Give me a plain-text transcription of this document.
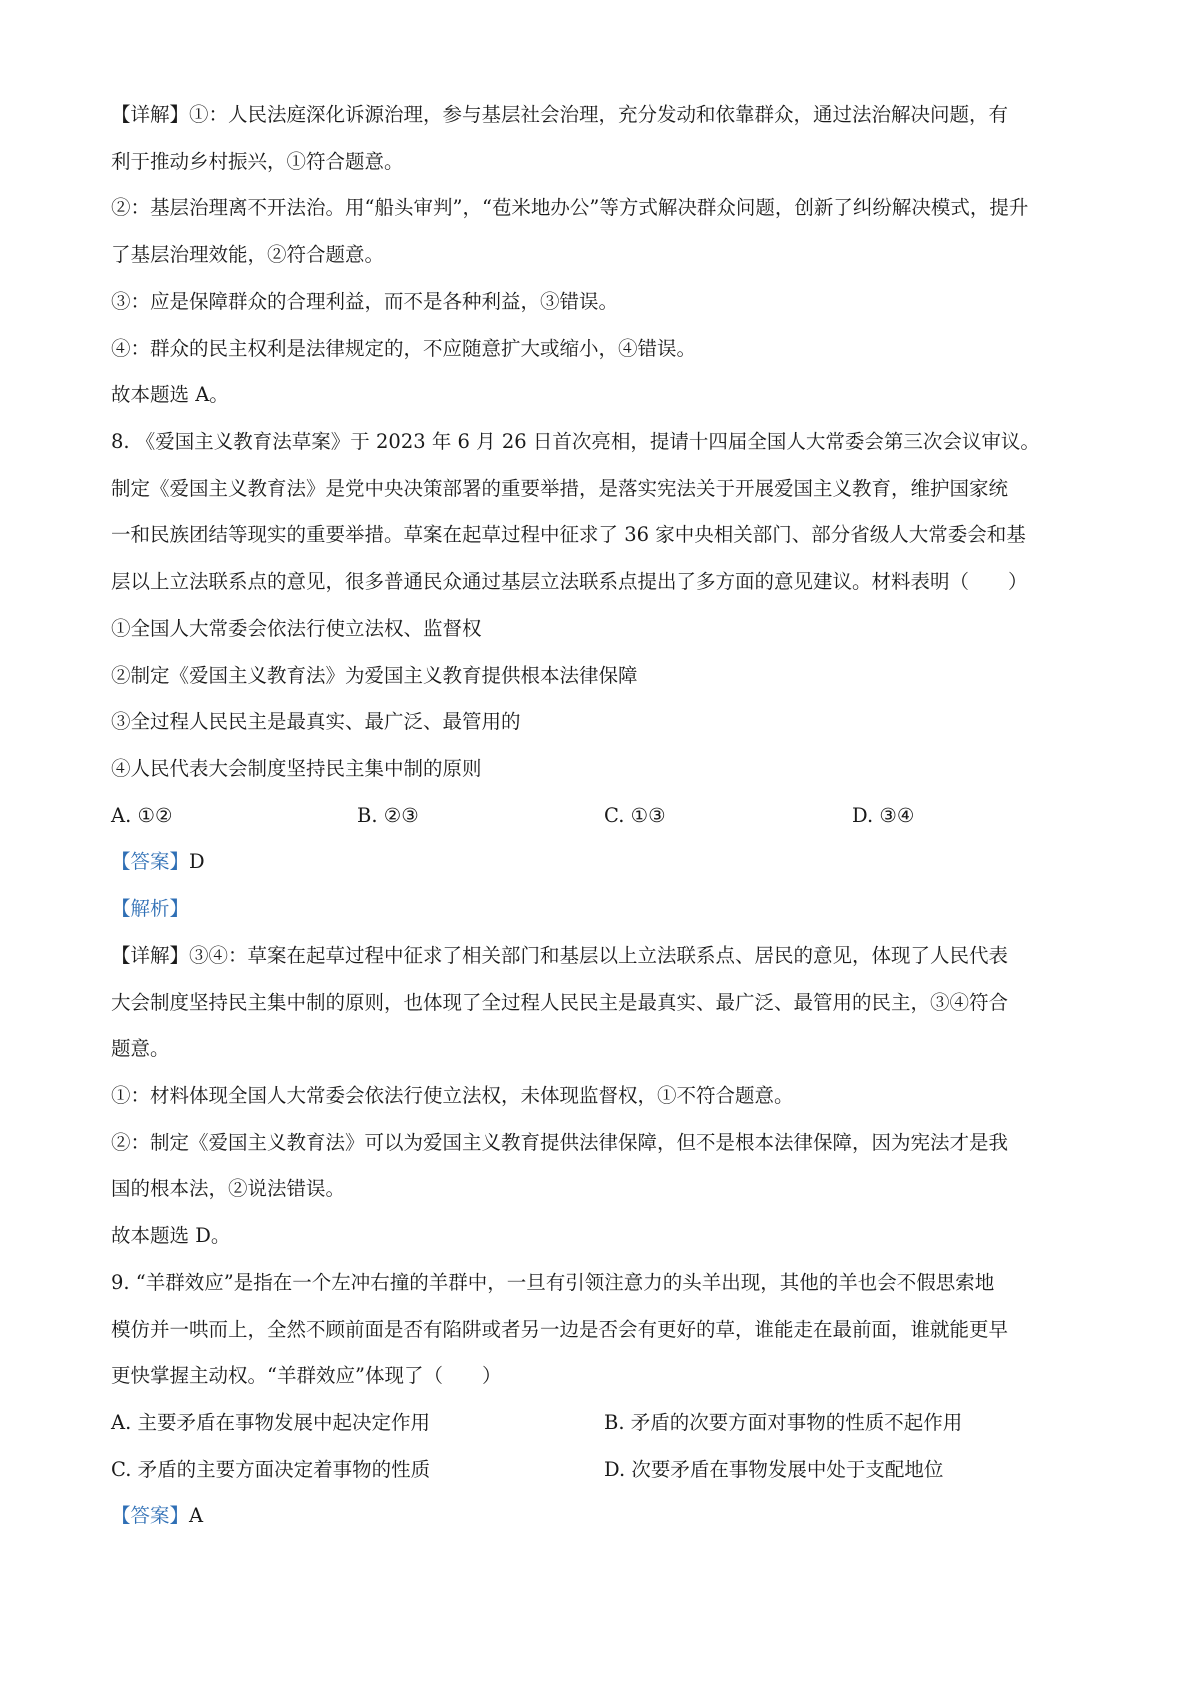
【详解】①：人民法庭深化诉源治理，参与基层社会治理，充分发动和依靠群众，通过法治解决问题，有
利于推动乡村振兴，①符合题意。
②：基层治理离不开法治。用“船头审判”，“苞米地办公”等方式解决群众问题，创新了纠纷解决模式，提升
了基层治理效能，②符合题意。
③：应是保障群众的合理利益，而不是各种利益，③错误。
④：群众的民主权利是法律规定的，不应随意扩大或缩小，④错误。
故本题选 A。
8. 《爱国主义教育法草案》于 2023 年 6 月 26 日首次亮相，提请十四届全国人大常委会第三次会议审议。
制定《爱国主义教育法》是党中央决策部署的重要举措，是落实宪法关于开展爱国主义教育，维护国家统
一和民族团结等现实的重要举措。草案在起草过程中征求了 36 家中央相关部门、部分省级人大常委会和基
层以上立法联系点的意见，很多普通民众通过基层立法联系点提出了多方面的意见建议。材料表明（　　）
①全国人大常委会依法行使立法权、监督权
②制定《爱国主义教育法》为爱国主义教育提供根本法律保障
③全过程人民民主是最真实、最广泛、最管用的
④人民代表大会制度坚持民主集中制的原则
A. ①②	B. ②③	C. ①③	D. ③④
【答案】D
【解析】
【详解】③④：草案在起草过程中征求了相关部门和基层以上立法联系点、居民的意见，体现了人民代表
大会制度坚持民主集中制的原则，也体现了全过程人民民主是最真实、最广泛、最管用的民主，③④符合
题意。
①：材料体现全国人大常委会依法行使立法权，未体现监督权，①不符合题意。
②：制定《爱国主义教育法》可以为爱国主义教育提供法律保障，但不是根本法律保障，因为宪法才是我
国的根本法，②说法错误。
故本题选 D。
9. “羊群效应”是指在一个左冲右撞的羊群中，一旦有引领注意力的头羊出现，其他的羊也会不假思索地
模仿并一哄而上，全然不顾前面是否有陷阱或者另一边是否会有更好的草，谁能走在最前面，谁就能更早
更快掌握主动权。“羊群效应”体现了（　　）
A. 主要矛盾在事物发展中起决定作用	B. 矛盾的次要方面对事物的性质不起作用
C. 矛盾的主要方面决定着事物的性质	D. 次要矛盾在事物发展中处于支配地位
【答案】A
